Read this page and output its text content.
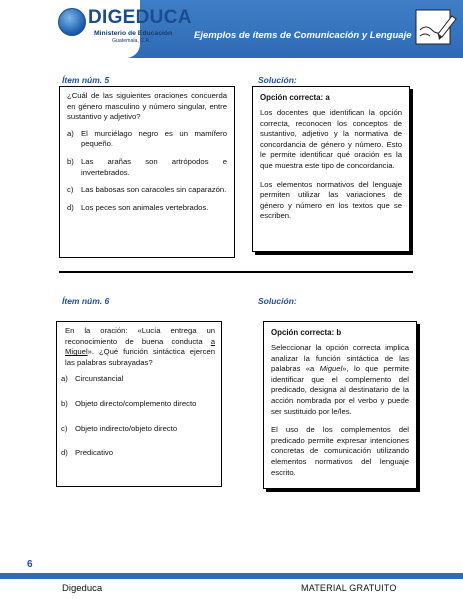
DIGEDUCA
Ministerio de Educación
Guatemala, C.A.	Ejemplos de ítems de Comunicación y Lenguaje
Ítem núm. 5	Solución:
¿Cuál de las siguientes oraciones concuerda en género masculino y número singular, entre sustantivo y adjetivo?
a) El murciélago negro es un mamífero pequeño.
b) Las arañas son artrópodos e invertebrados.
c) Las babosas son caracoles sin caparazón.
d) Los peces son animales vertebrados.
Opción correcta: a

Los docentes que identifican la opción correcta, reconocen los conceptos de sustantivo, adjetivo y la normativa de concordancia de género y número. Esto le permite identificar qué oración es la que muestra este tipo de concordancia.

Los elementos normativos del lenguaje permiten utilizar las variaciones de género y número en los textos que se escriben.

Ítem núm. 6	Solución:
En la oración: «Lucía entrega un reconocimiento de buena conducta a Miguel». ¿Qué función sintáctica ejercen las palabras subrayadas?
a) Circunstancial
b) Objeto directo/complemento directo
c) Objeto indirecto/objeto directo
d) Predicativo
Opción correcta: b

Seleccionar la opción correcta implica analizar la función sintáctica de las palabras «a Miguel», lo que permite identificar que el complemento del predicado, designa al destinatario de la acción nombrada por el verbo y puede ser sustituido por le/les.

El uso de los complementos del predicado permite expresar intenciones concretas de comunicación utilizando elementos normativos del lenguaje escrito.

6
Digeduca	MATERIAL GRATUITO
